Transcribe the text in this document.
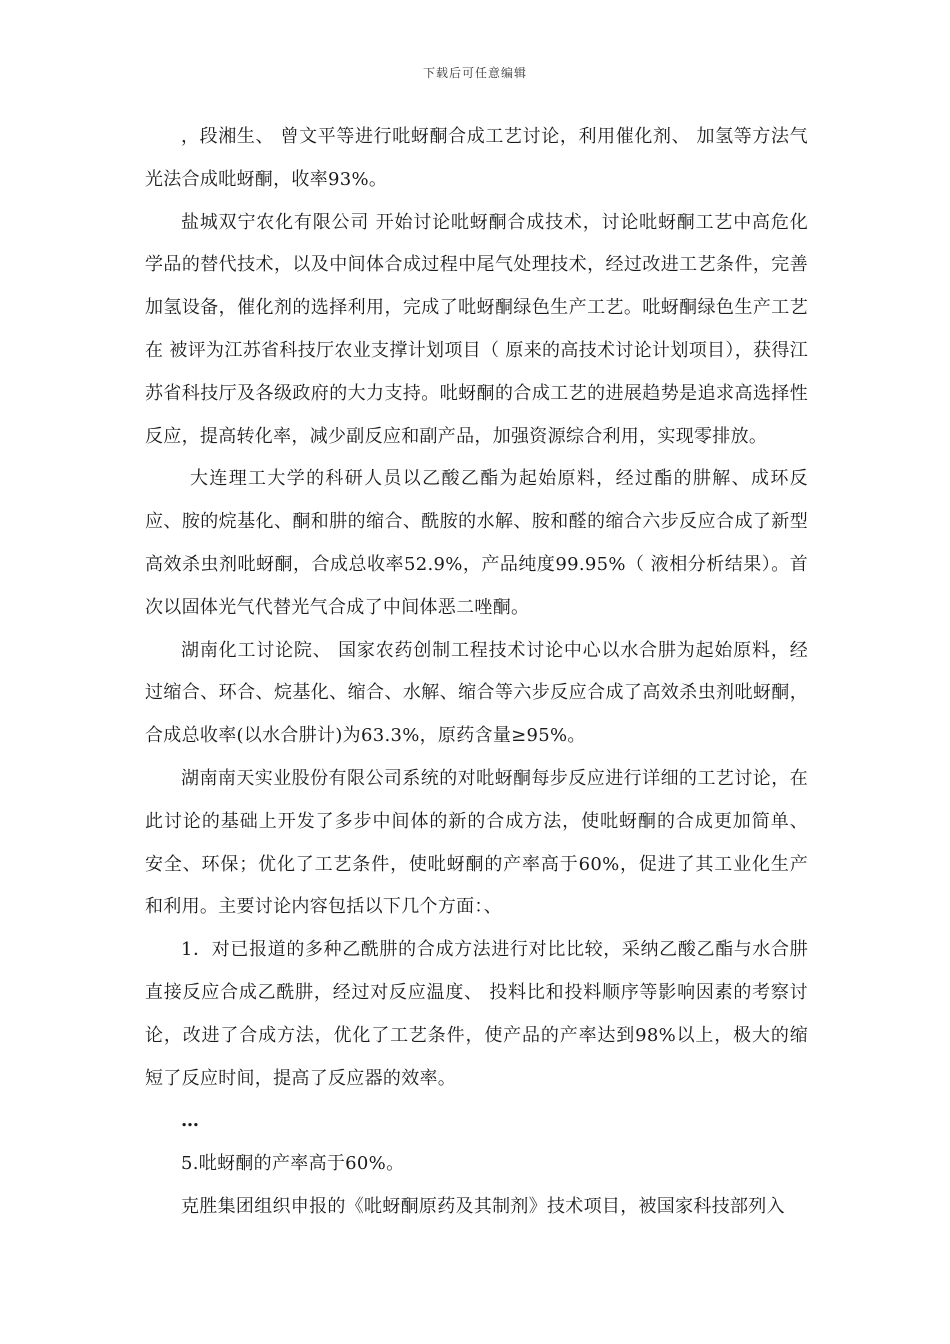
下载后可任意编辑

，段湘生、 曾文平等进行吡蚜酮合成工艺讨论，利用催化剂、 加氢等方法气光法合成吡蚜酮，收率93%。

盐城双宁农化有限公司 开始讨论吡蚜酮合成技术，讨论吡蚜酮工艺中高危化学品的替代技术，以及中间体合成过程中尾气处理技术，经过改进工艺条件，完善加氢设备，催化剂的选择利用，完成了吡蚜酮绿色生产工艺。吡蚜酮绿色生产工艺在 被评为江苏省科技厅农业支撑计划项目（ 原来的高技术讨论计划项目），获得江苏省科技厅及各级政府的大力支持。吡蚜酮的合成工艺的进展趋势是追求高选择性反应，提高转化率，减少副反应和副产品，加强资源综合利用，实现零排放。

大连理工大学的科研人员以乙酸乙酯为起始原料，经过酯的肼解、成环反应、胺的烷基化、酮和肼的缩合、酰胺的水解、胺和醛的缩合六步反应合成了新型高效杀虫剂吡蚜酮，合成总收率52.9%，产品纯度99.95%（ 液相分析结果）。首次以固体光气代替光气合成了中间体恶二唑酮。

湖南化工讨论院、 国家农药创制工程技术讨论中心以水合肼为起始原料，经过缩合、环合、烷基化、缩合、水解、缩合等六步反应合成了高效杀虫剂吡蚜酮，合成总收率(以水合肼计)为63.3%，原药含量≥95%。

湖南南天实业股份有限公司系统的对吡蚜酮每步反应进行详细的工艺讨论，在此讨论的基础上开发了多步中间体的新的合成方法，使吡蚜酮的合成更加简单、 安全、环保；优化了工艺条件，使吡蚜酮的产率高于60%，促进了其工业化生产和利用。主要讨论内容包括以下几个方面：、

1．对已报道的多种乙酰肼的合成方法进行对比比较，采纳乙酸乙酯与水合肼直接反应合成乙酰肼，经过对反应温度、 投料比和投料顺序等影响因素的考察讨论，改进了合成方法，优化了工艺条件，使产品的产率达到98%以上，极大的缩短了反应时间，提高了反应器的效率。

…

5.吡蚜酮的产率高于60%。

克胜集团组织申报的《吡蚜酮原药及其制剂》技术项目，被国家科技部列入
